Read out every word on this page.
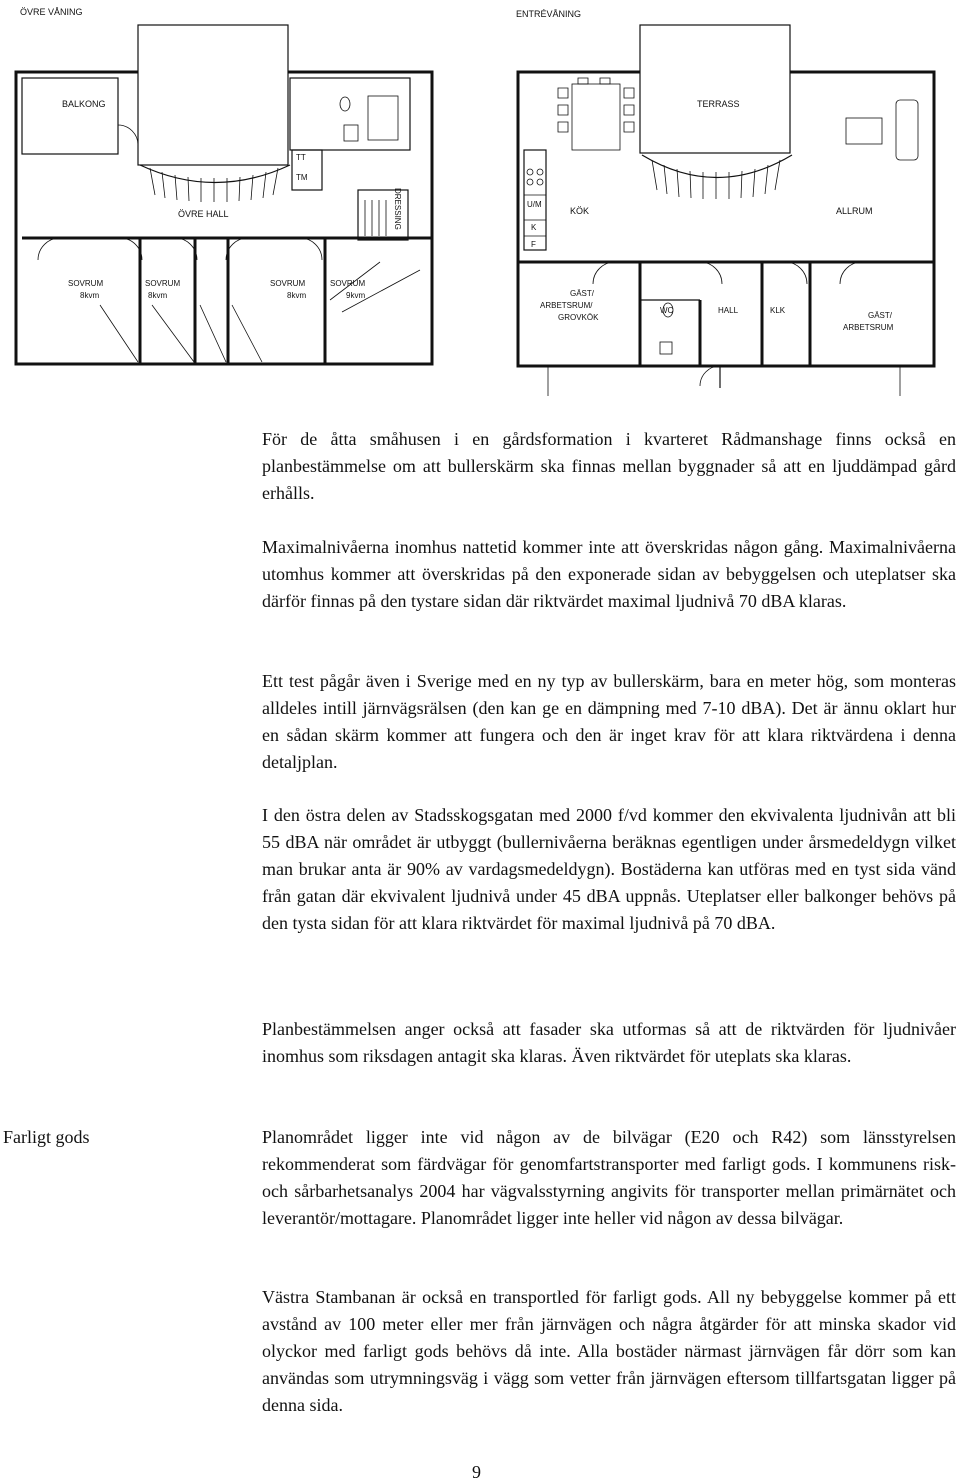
ÖVRE VÅNING
BALKONG
TT
TM
DRESSING
ÖVRE HALL
SOVRUM
8kvm
SOVRUM
8kvm
SOVRUM
8kvm
SOVRUM
9kvm
ENTRÉVÅNING
TERRASS
U/M
K
F
KÖK	ALLRUM
GÄST/
ARBETSRUM/
GROVKÖK
WC	HALL	KLK
GÄST/
ARBETSRUM

För de åtta småhusen i en gårdsformation i kvarteret Rådmanshage finns också en planbestämmelse om att bullerskärm ska finnas mellan byggnader så att en ljuddämpad gård erhålls.

Maximalnivåerna inomhus nattetid kommer inte att överskridas någon gång. Maximalnivåerna utomhus kommer att överskridas på den exponerade sidan av bebyggelsen och uteplatser ska därför finnas på den tystare sidan där riktvärdet maximal ljudnivå 70 dBA klaras.

Ett test pågår även i Sverige med en ny typ av bullerskärm, bara en meter hög, som monteras alldeles intill järnvägsrälsen (den kan ge en dämpning med 7-10 dBA). Det är ännu oklart hur en sådan skärm kommer att fungera och den är inget krav för att klara riktvärdena i denna detaljplan.

I den östra delen av Stadsskogsgatan med 2000 f/vd kommer den ekvivalenta ljudnivån att bli 55 dBA när området är utbyggt (bullernivåerna beräknas egentligen under årsmedeldygn vilket man brukar anta är 90% av vardagsmedeldygn). Bostäderna kan utföras med en tyst sida vänd från gatan där ekvivalent ljudnivå under 45 dBA uppnås. Uteplatser eller balkonger behövs på den tysta sidan för att klara riktvärdet för maximal ljudnivå på 70 dBA.

Planbestämmelsen anger också att fasader ska utformas så att de riktvärden för ljudnivåer inomhus som riksdagen antagit ska klaras. Även riktvärdet för uteplats ska klaras.

Farligt gods	Planområdet ligger inte vid någon av de bilvägar (E20 och R42) som länsstyrelsen rekommenderat som färdvägar för genomfartstransporter med farligt gods. I kommunens risk- och sårbarhetsanalys 2004 har vägvalsstyrning angivits för transporter mellan primärnätet och leverantör/mottagare. Planområdet ligger inte heller vid någon av dessa bilvägar.

Västra Stambanan är också en transportled för farligt gods. All ny bebyggelse kommer på ett avstånd av 100 meter eller mer från järnvägen och några åtgärder för att minska skador vid olyckor med farligt gods behövs då inte. Alla bostäder närmast järnvägen får dörr som kan användas som utrymningsväg i vägg som vetter från järnvägen eftersom tillfartsgatan ligger på denna sida.

9
